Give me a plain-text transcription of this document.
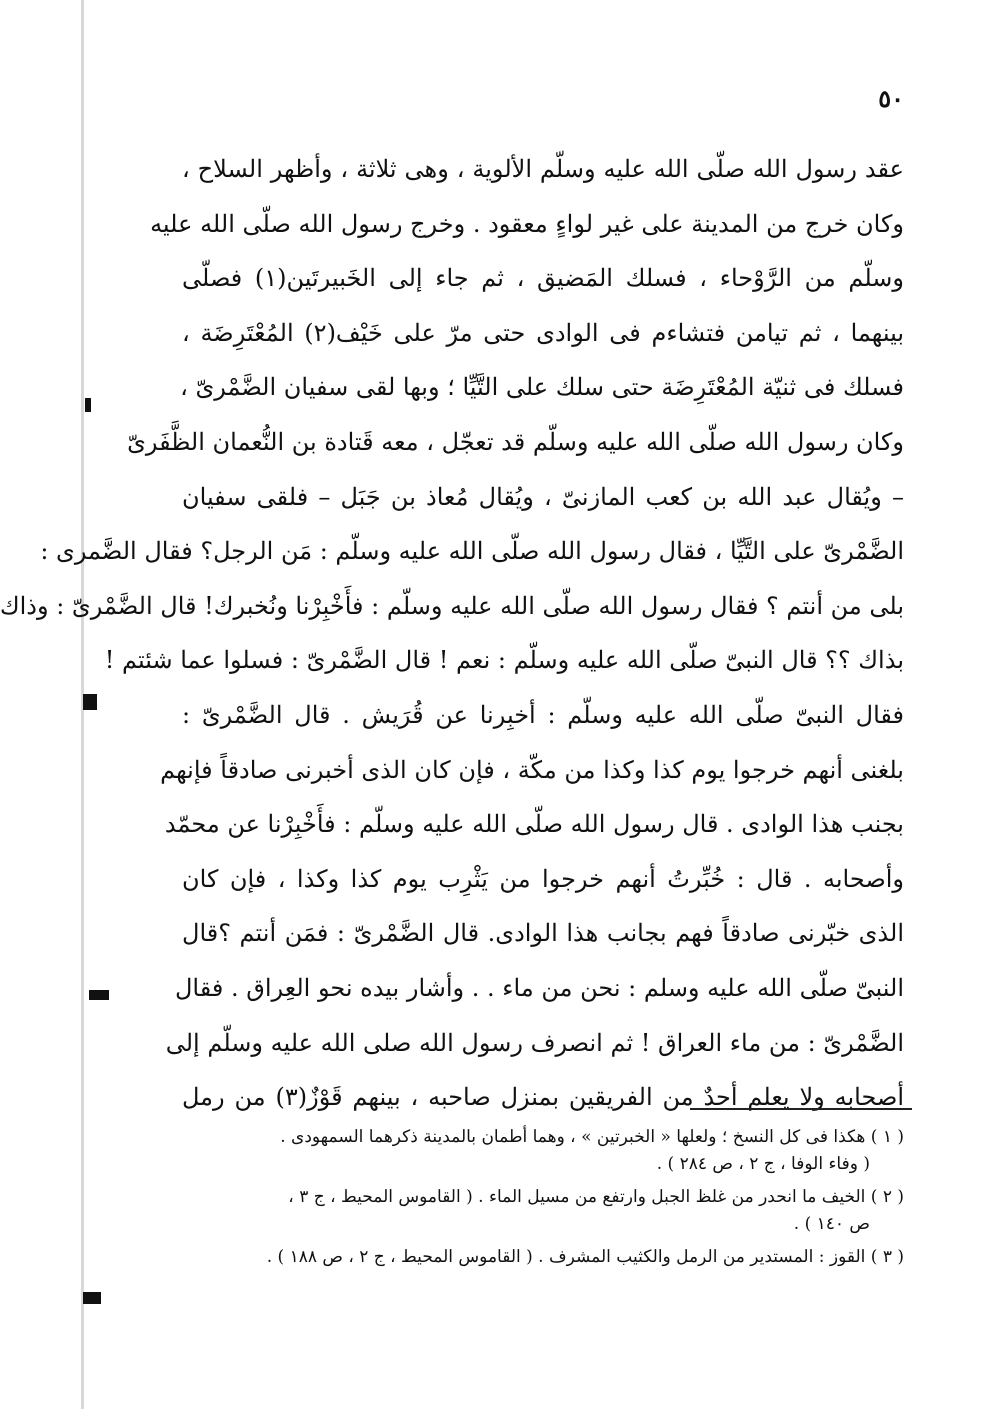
٥٠
عقد رسول الله صلّى الله عليه وسلّم الألوية ، وهى ثلاثة ، وأظهر السلاح ،
وكان خرج من المدينة على غير لواءٍ معقود . وخرج رسول الله صلّى الله عليه
وسلّم من الرَّوْحاء ، فسلك المَضيق ، ثم جاء إلى الخَبيرتَين(١) فصلّى
بينهما ، ثم تيامن فتشاءم فى الوادى حتى مرّ على خَيْف(٢) المُعْتَرِضَة ،
فسلك فى ثنيّة المُعْتَرِضَة حتى سلك على التَّيِّا ؛ وبها لقى سفيان الضَّمْرىّ ،
وكان رسول الله صلّى الله عليه وسلّم قد تعجّل ، معه قَتادة بن النُّعمان الظَّفَرىّ
– ويُقال عبد الله بن كعب المازنىّ ، ويُقال مُعاذ بن جَبَل – فلقى سفيان
الضَّمْرىّ على التَّيِّا ، فقال رسول الله صلّى الله عليه وسلّم : مَن الرجل؟ فقال الضَّمرى :
بلى من أنتم ؟ فقال رسول الله صلّى الله عليه وسلّم : فأَخْبِرْنا ونُخبرك! قال الضَّمْرىّ : وذاك
بذاك ؟؟ قال النبىّ صلّى الله عليه وسلّم : نعم ! قال الضَّمْرىّ : فسلوا عما شئتم !
فقال النبىّ صلّى الله عليه وسلّم : أخبِرنا عن قُرَيش . قال الضَّمْرىّ :
بلغنى أنهم خرجوا يوم كذا وكذا من مكّة ، فإن كان الذى أخبرنى صادقاً فإنهم
بجنب هذا الوادى . قال رسول الله صلّى الله عليه وسلّم : فأَخْبِرْنا عن محمّد
وأصحابه . قال : خُبِّرتُ أنهم خرجوا من يَثْرِب يوم كذا وكذا ، فإن كان
الذى خبّرنى صادقاً فهم بجانب هذا الوادى. قال الضَّمْرىّ : فمَن أنتم ؟قال
النبىّ صلّى الله عليه وسلم : نحن من ماء . . وأشار بيده نحو العِراق . فقال
الضَّمْرىّ : من ماء العراق ! ثم انصرف رسول الله صلى الله عليه وسلّم إلى
أصحابه ولا يعلم أحدٌ من الفريقين بمنزل صاحبه ، بينهم قَوْزٌ(٣) من رمل
( ١ ) هكذا فى كل النسخ ؛ ولعلها « الخبرتين » ، وهما أطمان بالمدينة ذكرهما السمهودى .
( وفاء الوفا ، ج ٢ ، ص ٢٨٤ ) .
( ٢ ) الخيف ما انحدر من غلظ الجبل وارتفع من مسيل الماء . ( القاموس المحيط ، ج ٣ ،
ص ١٤٠ ) .
( ٣ ) القوز : المستدير من الرمل والكثيب المشرف . ( القاموس المحيط ، ج ٢ ، ص ١٨٨ ) .
